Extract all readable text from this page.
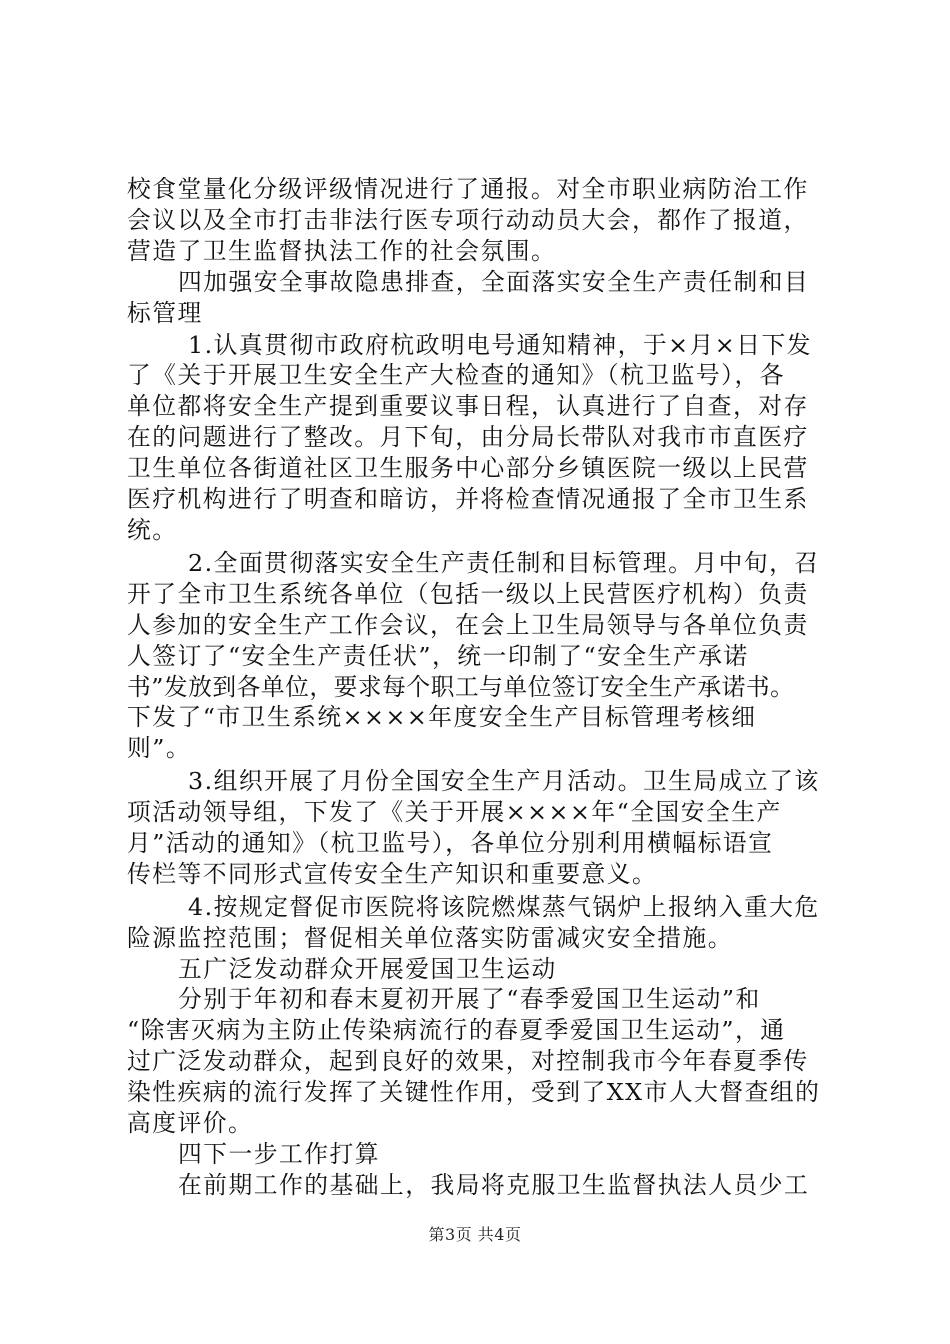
校食堂量化分级评级情况进行了通报。对全市职业病防治工作
会议以及全市打击非法行医专项行动动员大会，都作了报道，
营造了卫生监督执法工作的社会氛围。
四加强安全事故隐患排查，全面落实安全生产责任制和目
标管理
1.认真贯彻市政府杭政明电号通知精神，于×月×日下发
了《关于开展卫生安全生产大检查的通知》（杭卫监号），各
单位都将安全生产提到重要议事日程，认真进行了自查，对存
在的问题进行了整改。月下旬，由分局长带队对我市市直医疗
卫生单位各街道社区卫生服务中心部分乡镇医院一级以上民营
医疗机构进行了明查和暗访，并将检查情况通报了全市卫生系
统。
2.全面贯彻落实安全生产责任制和目标管理。月中旬，召
开了全市卫生系统各单位（包括一级以上民营医疗机构）负责
人参加的安全生产工作会议，在会上卫生局领导与各单位负责
人签订了“安全生产责任状”，统一印制了“安全生产承诺
书”发放到各单位，要求每个职工与单位签订安全生产承诺书。
下发了“市卫生系统××××年度安全生产目标管理考核细
则”。
3.组织开展了月份全国安全生产月活动。卫生局成立了该
项活动领导组，下发了《关于开展××××年“全国安全生产
月”活动的通知》（杭卫监号），各单位分别利用横幅标语宣
传栏等不同形式宣传安全生产知识和重要意义。
4.按规定督促市医院将该院燃煤蒸气锅炉上报纳入重大危
险源监控范围；督促相关单位落实防雷减灾安全措施。
五广泛发动群众开展爱国卫生运动
分别于年初和春末夏初开展了“春季爱国卫生运动”和
“除害灭病为主防止传染病流行的春夏季爱国卫生运动”，通
过广泛发动群众，起到良好的效果，对控制我市今年春夏季传
染性疾病的流行发挥了关键性作用，受到了XX市人大督查组的
高度评价。
四下一步工作打算
在前期工作的基础上，我局将克服卫生监督执法人员少工
第3页 共4页
